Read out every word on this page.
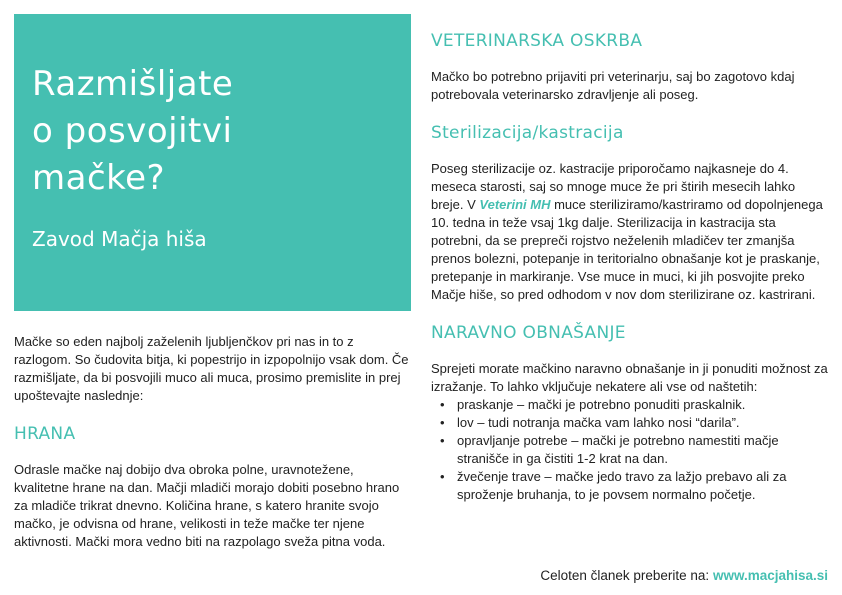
Razmišljate
o posvojitvi
mačke?
Zavod Mačja hiša

Mačke so eden najbolj zaželenih ljubljenčkov pri nas in to z razlogom. So čudovita bitja, ki popestrijo in izpopolnijo vsak dom. Če razmišljate, da bi posvojili muco ali muca, prosimo premislite in prej upoštevajte naslednje:

HRANA

Odrasle mačke naj dobijo dva obroka polne, uravnotežene, kvalitetne hrane na dan. Mačji mladiči morajo dobiti posebno hrano za mladiče trikrat dnevno. Količina hrane, s katero hranite svojo mačko, je odvisna od hrane, velikosti in teže mačke ter njene aktivnosti. Mački mora vedno biti na razpolago sveža pitna voda.

VETERINARSKA OSKRBA

Mačko bo potrebno prijaviti pri veterinarju, saj bo zagotovo kdaj potrebovala veterinarsko zdravljenje ali poseg.

Sterilizacija/kastracija

Poseg sterilizacije oz. kastracije priporočamo najkasneje do 4. meseca starosti, saj so mnoge muce že pri štirih mesecih lahko breje. V Veterini MH muce steriliziramo/kastriramo od dopolnjenega 10. tedna in teže vsaj 1kg dalje. Sterilizacija in kastracija sta potrebni, da se prepreči rojstvo neželenih mladičev ter zmanjša prenos bolezni, potepanje in teritorialno obnašanje kot je praskanje, pretepanje in markiranje. Vse muce in muci, ki jih posvojite preko Mačje hiše, so pred odhodom v nov dom sterilizirane oz. kastrirani.

NARAVNO OBNAŠANJE

Sprejeti morate mačkino naravno obnašanje in ji ponuditi možnost za izražanje. To lahko vključuje nekatere ali vse od naštetih:

• praskanje – mački je potrebno ponuditi praskalnik.
• lov – tudi notranja mačka vam lahko nosi “darila”.
• opravljanje potrebe – mački je potrebno namestiti mačje straniščе in ga čistiti 1-2 krat na dan.
• žvečenje trave – mačke jedo travo za lažjo prebavo ali za sproženje bruhanja, to je povsem normalno početje.
Celoten članek preberite na: www.macjahisa.si
